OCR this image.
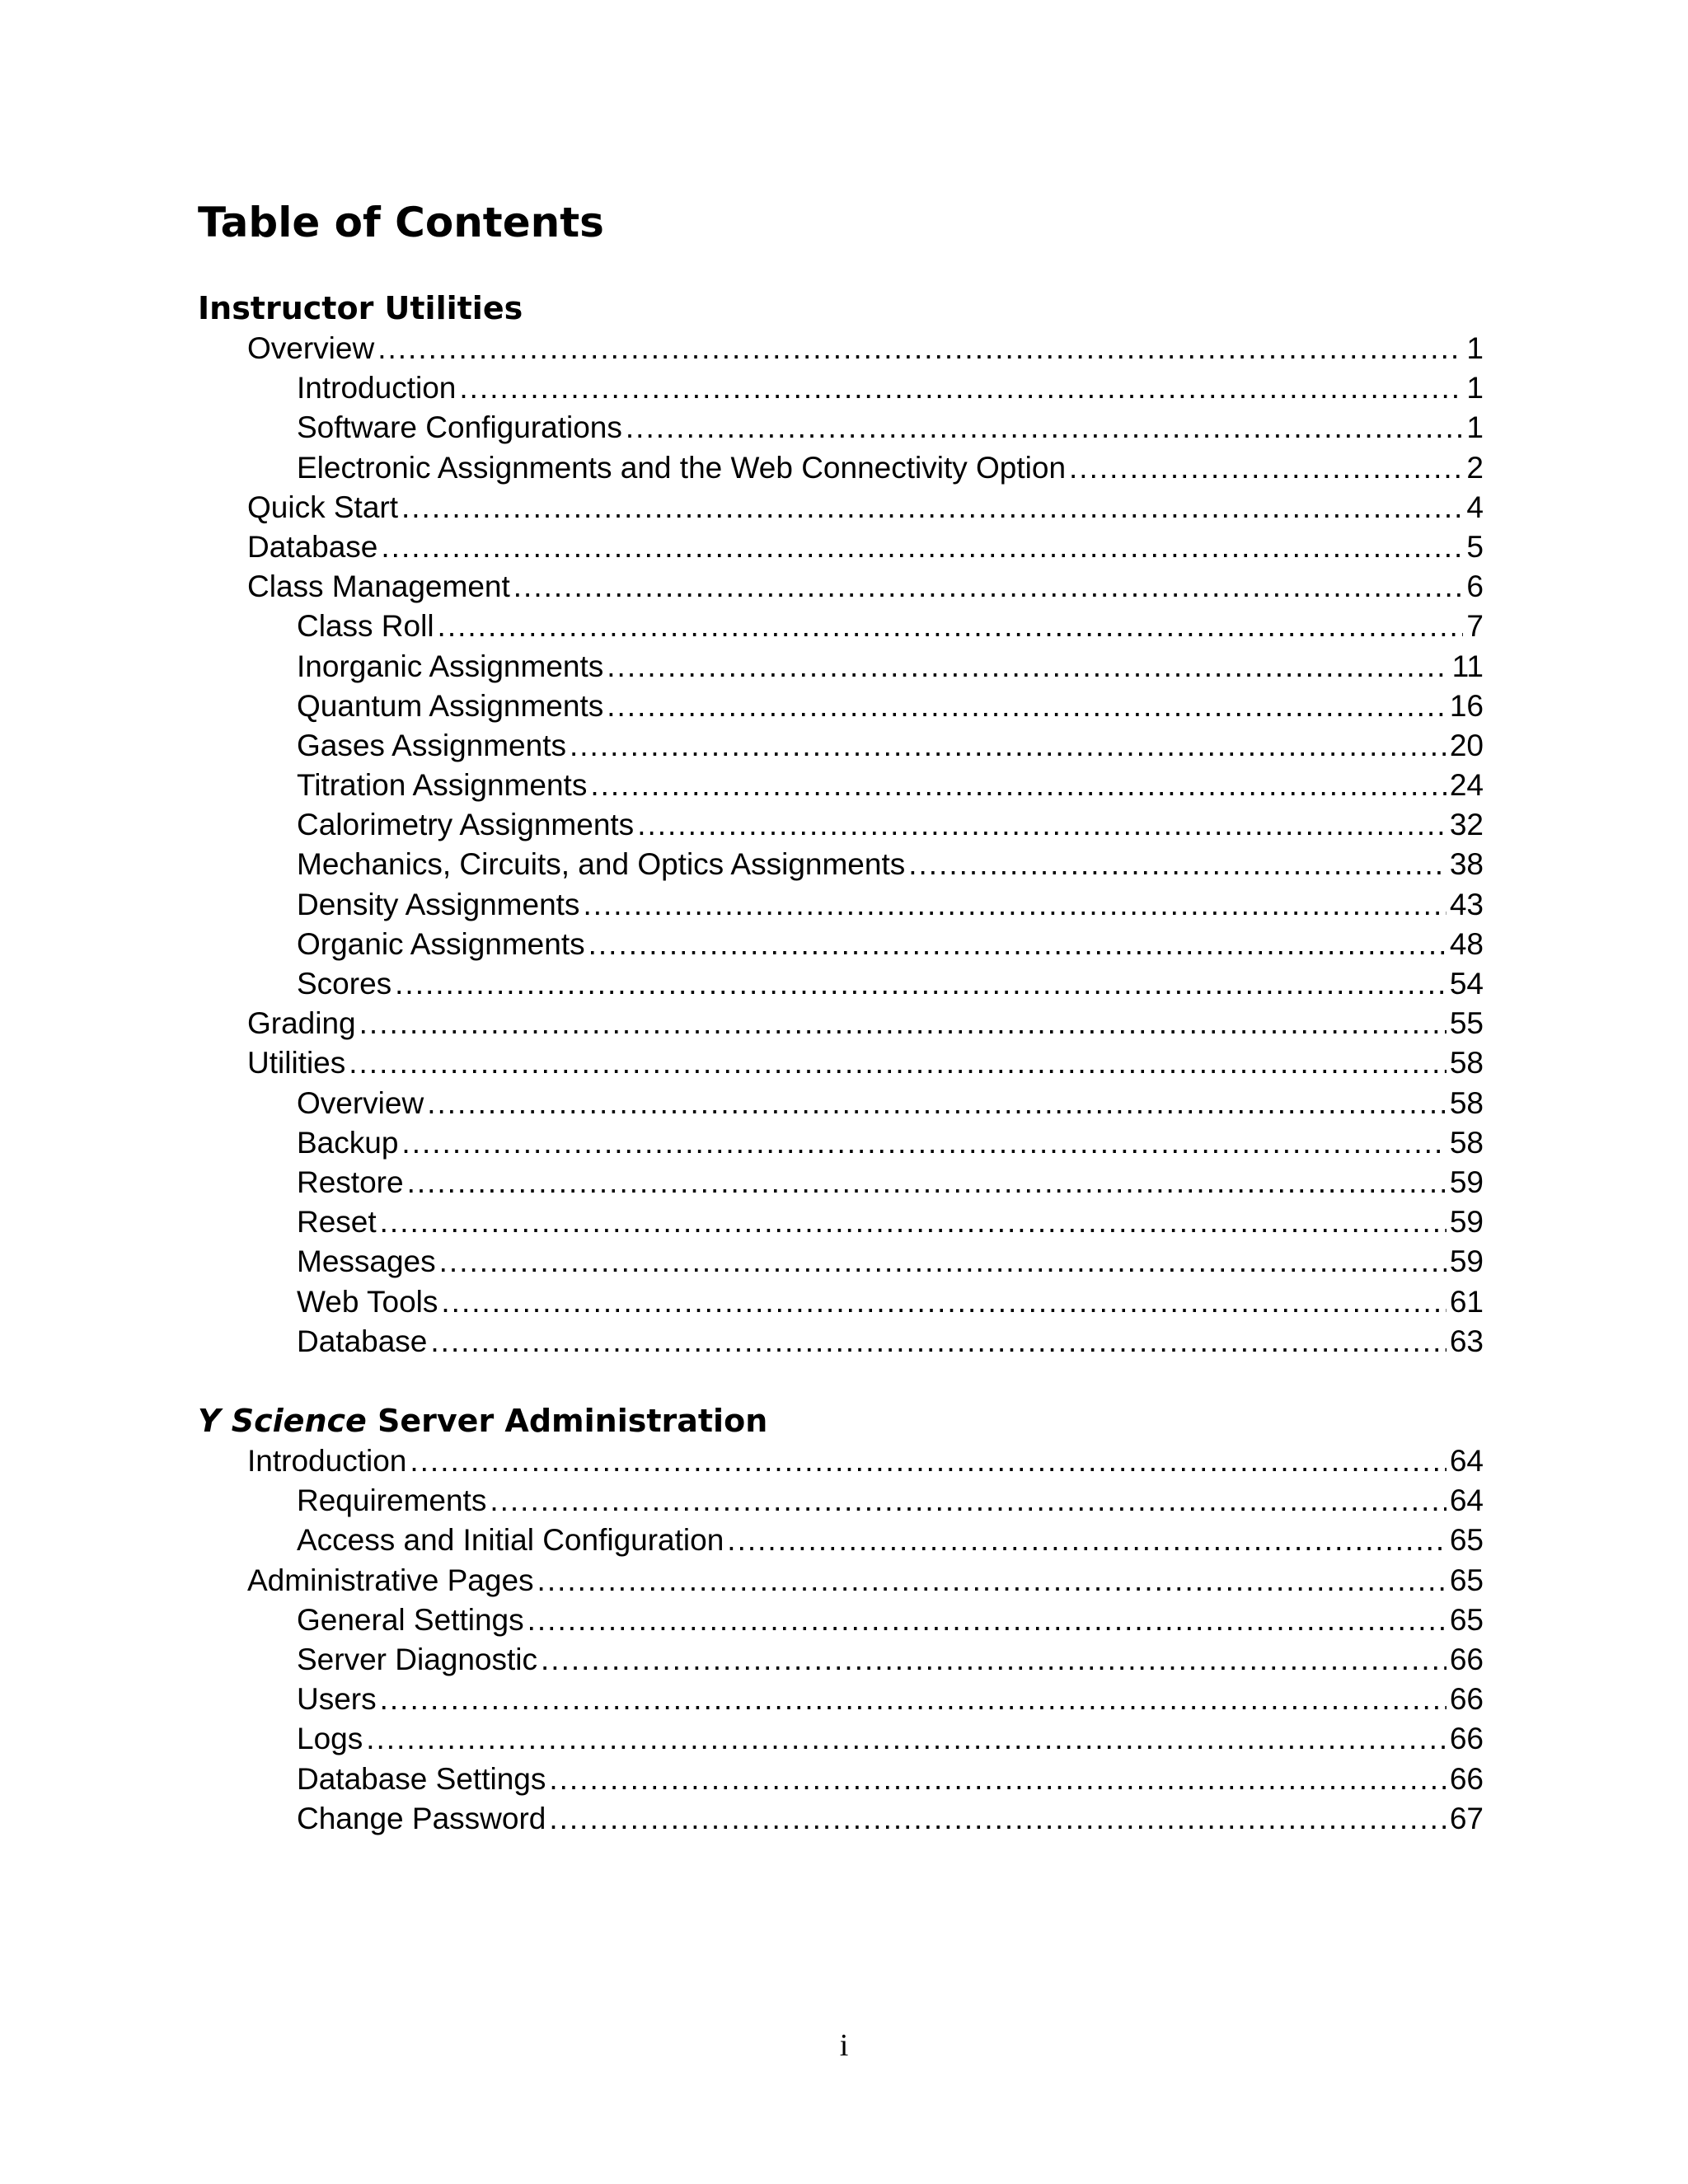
Table of Contents
Instructor Utilities
Overview .....	1
Introduction .....	1
Software Configurations .....	1
Electronic Assignments and the Web Connectivity Option .....	2
Quick Start .....	4
Database .....	5
Class Management .....	6
Class Roll .....	7
Inorganic Assignments .....	11
Quantum Assignments .....	16
Gases Assignments .....	20
Titration Assignments .....	24
Calorimetry Assignments .....	32
Mechanics, Circuits, and Optics Assignments .....	38
Density Assignments .....	43
Organic Assignments .....	48
Scores .....	54
Grading .....	55
Utilities .....	58
Overview .....	58
Backup .....	58
Restore .....	59
Reset .....	59
Messages .....	59
Web Tools .....	61
Database .....	63
Y Science Server Administration
Introduction .....	64
Requirements .....	64
Access and Initial Configuration .....	65
Administrative Pages .....	65
General Settings .....	65
Server Diagnostic .....	66
Users .....	66
Logs .....	66
Database Settings .....	66
Change Password .....	67
i
